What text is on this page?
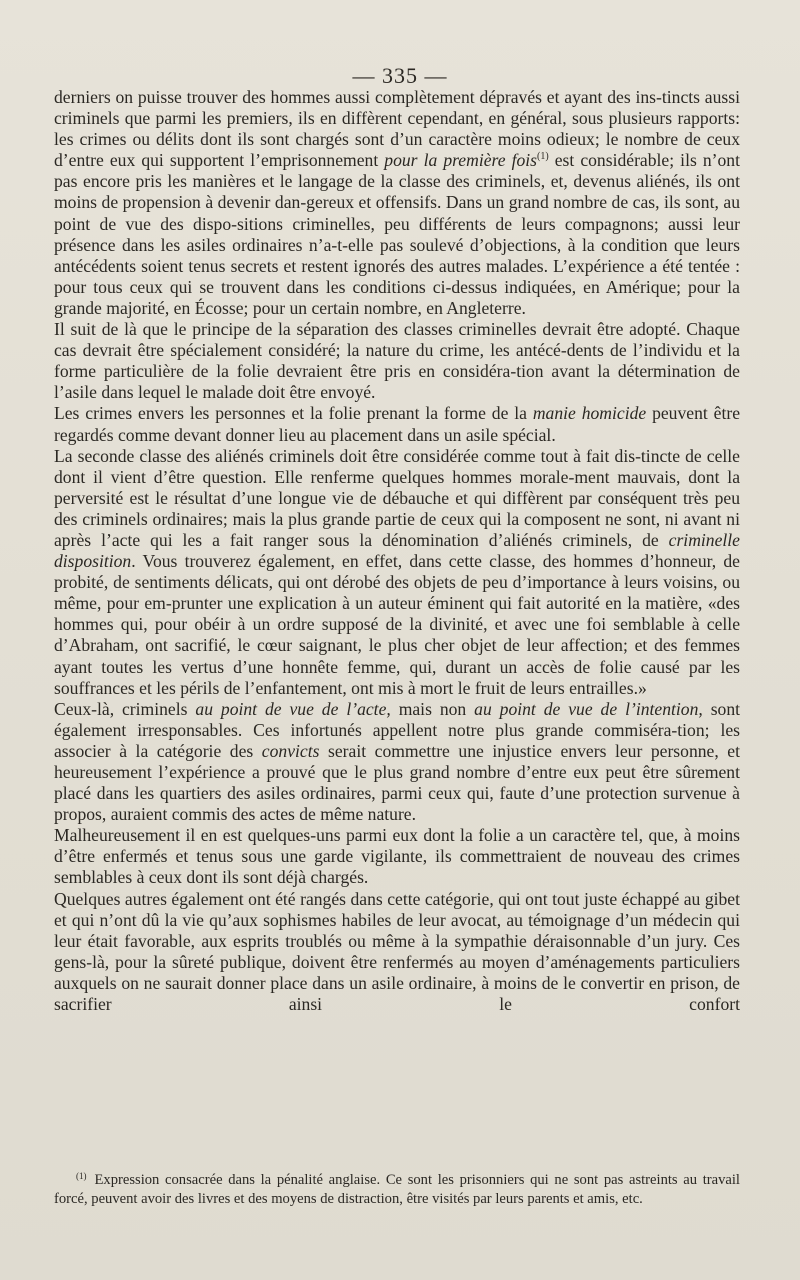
— 335 —

derniers on puisse trouver des hommes aussi complètement dépravés et ayant des ins-tincts aussi criminels que parmi les premiers, ils en diffèrent cependant, en général, sous plusieurs rapports: les crimes ou délits dont ils sont chargés sont d’un caractère moins odieux; le nombre de ceux d’entre eux qui supportent l’emprisonnement pour la première fois$^{(1)}$ est considérable; ils n’ont pas encore pris les manières et le langage de la classe des criminels, et, devenus aliénés, ils ont moins de propension à devenir dan-gereux et offensifs. Dans un grand nombre de cas, ils sont, au point de vue des dispo-sitions criminelles, peu différents de leurs compagnons; aussi leur présence dans les asiles ordinaires n’a-t-elle pas soulevé d’objections, à la condition que leurs antécédents soient tenus secrets et restent ignorés des autres malades. L’expérience a été tentée : pour tous ceux qui se trouvent dans les conditions ci-dessus indiquées, en Amérique; pour la grande majorité, en Écosse; pour un certain nombre, en Angleterre.

Il suit de là que le principe de la séparation des classes criminelles devrait être adopté. Chaque cas devrait être spécialement considéré; la nature du crime, les antécé-dents de l’individu et la forme particulière de la folie devraient être pris en considéra-tion avant la détermination de l’asile dans lequel le malade doit être envoyé.

Les crimes envers les personnes et la folie prenant la forme de la manie homicide peuvent être regardés comme devant donner lieu au placement dans un asile spécial.

La seconde classe des aliénés criminels doit être considérée comme tout à fait dis-tincte de celle dont il vient d’être question. Elle renferme quelques hommes morale-ment mauvais, dont la perversité est le résultat d’une longue vie de débauche et qui diffèrent par conséquent très peu des criminels ordinaires; mais la plus grande partie de ceux qui la composent ne sont, ni avant ni après l’acte qui les a fait ranger sous la dénomination d’aliénés criminels, de criminelle disposition. Vous trouverez également, en effet, dans cette classe, des hommes d’honneur, de probité, de sentiments délicats, qui ont dérobé des objets de peu d’importance à leurs voisins, ou même, pour em-prunter une explication à un auteur éminent qui fait autorité en la matière, «des hommes qui, pour obéir à un ordre supposé de la divinité, et avec une foi semblable à celle d’Abraham, ont sacrifié, le cœur saignant, le plus cher objet de leur affection; et des femmes ayant toutes les vertus d’une honnête femme, qui, durant un accès de folie causé par les souffrances et les périls de l’enfantement, ont mis à mort le fruit de leurs entrailles.»

Ceux-là, criminels au point de vue de l’acte, mais non au point de vue de l’intention, sont également irresponsables. Ces infortunés appellent notre plus grande commiséra-tion; les associer à la catégorie des convicts serait commettre une injustice envers leur personne, et heureusement l’expérience a prouvé que le plus grand nombre d’entre eux peut être sûrement placé dans les quartiers des asiles ordinaires, parmi ceux qui, faute d’une protection survenue à propos, auraient commis des actes de même nature.

Malheureusement il en est quelques-uns parmi eux dont la folie a un caractère tel, que, à moins d’être enfermés et tenus sous une garde vigilante, ils commettraient de nouveau des crimes semblables à ceux dont ils sont déjà chargés.

Quelques autres également ont été rangés dans cette catégorie, qui ont tout juste échappé au gibet et qui n’ont dû la vie qu’aux sophismes habiles de leur avocat, au témoignage d’un médecin qui leur était favorable, aux esprits troublés ou même à la sympathie déraisonnable d’un jury. Ces gens-là, pour la sûreté publique, doivent être renfermés au moyen d’aménagements particuliers auxquels on ne saurait donner place dans un asile ordinaire, à moins de le convertir en prison, de sacrifier ainsi le confort

$^{(1)}$ Expression consacrée dans la pénalité anglaise. Ce sont les prisonniers qui ne sont pas astreints au travail forcé, peuvent avoir des livres et des moyens de distraction, être visités par leurs parents et amis, etc.
